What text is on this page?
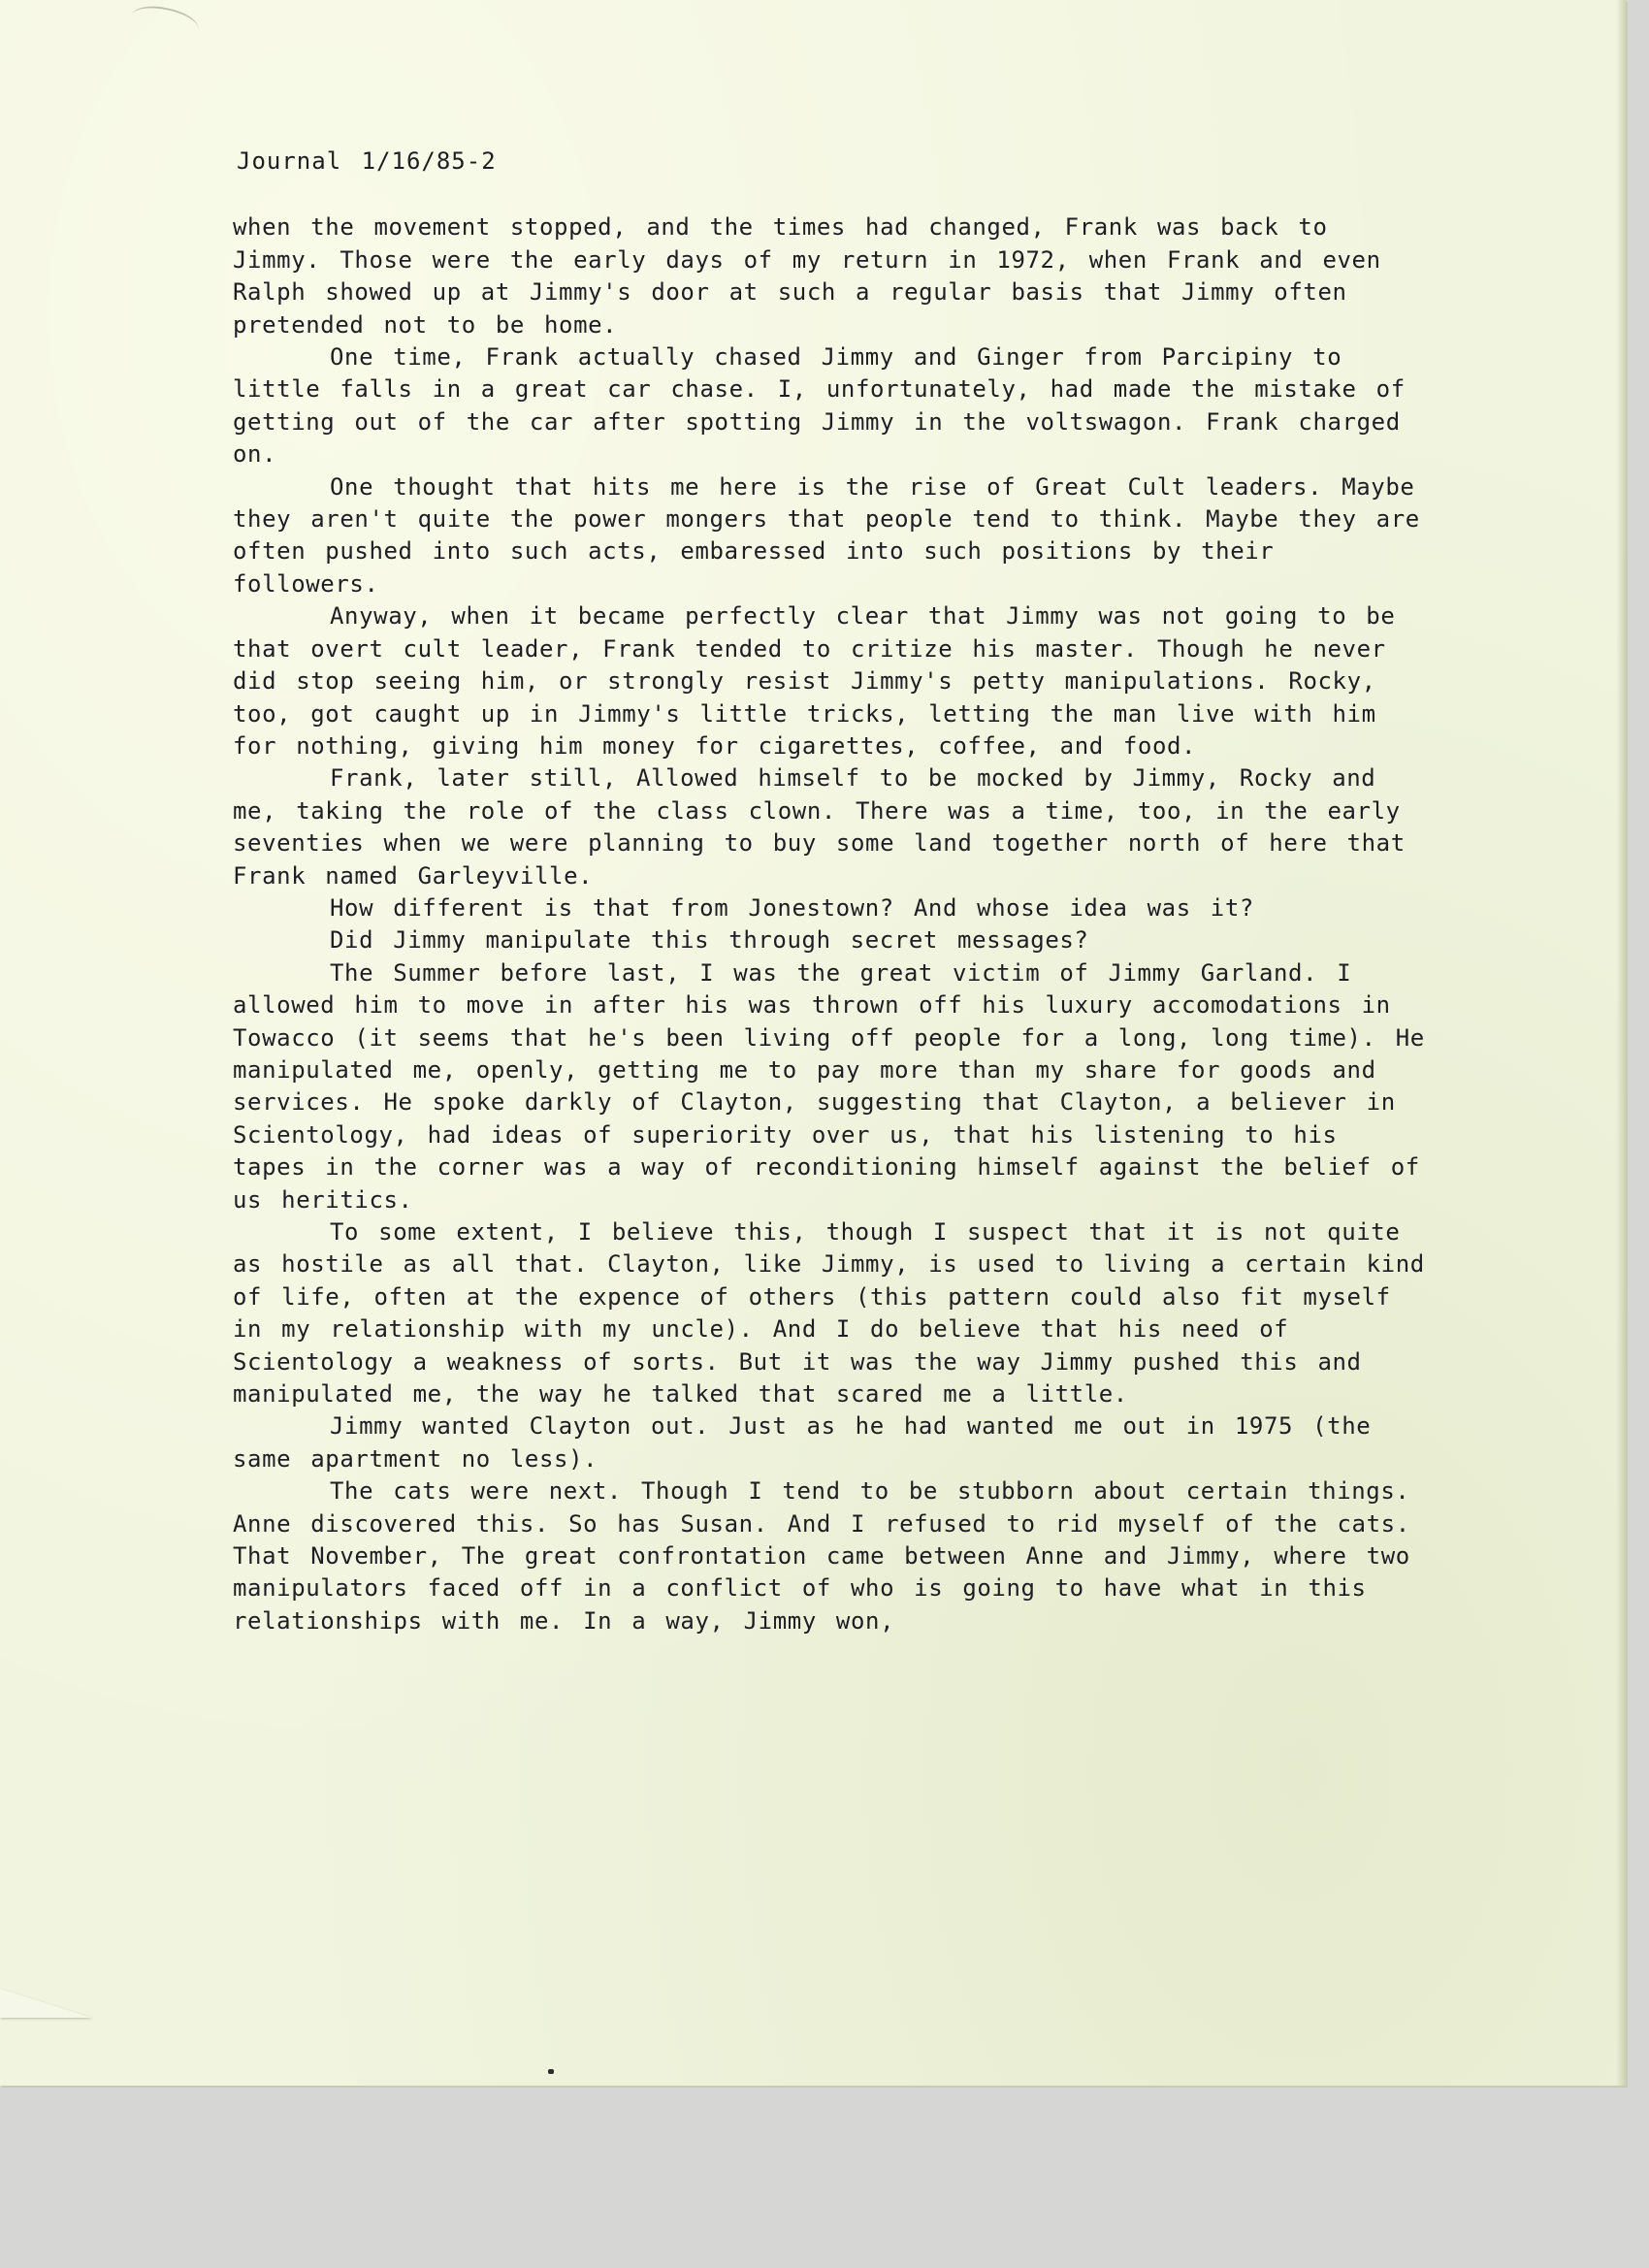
Journal 1/16/85-2

when the movement stopped, and the times had changed, Frank was back to Jimmy. Those were the early days of my return in 1972, when Frank and even Ralph showed up at Jimmy's door at such a regular basis that Jimmy often pretended not to be home.

One time, Frank actually chased Jimmy and Ginger from Parcipiny to little falls in a great car chase. I, unfortunately, had made the mistake of getting out of the car after spotting Jimmy in the voltswagon. Frank charged on.

One thought that hits me here is the rise of Great Cult leaders. Maybe they aren't quite the power mongers that people tend to think. Maybe they are often pushed into such acts, embaressed into such positions by their followers.

Anyway, when it became perfectly clear that Jimmy was not going to be that overt cult leader, Frank tended to critize his master. Though he never did stop seeing him, or strongly resist Jimmy's petty manipulations. Rocky, too, got caught up in Jimmy's little tricks, letting the man live with him for nothing, giving him money for cigarettes, coffee, and food.

Frank, later still, Allowed himself to be mocked by Jimmy, Rocky and me, taking the role of the class clown. There was a time, too, in the early seventies when we were planning to buy some land together north of here that Frank named Garleyville.

How different is that from Jonestown? And whose idea was it?

Did Jimmy manipulate this through secret messages?

The Summer before last, I was the great victim of Jimmy Garland. I allowed him to move in after his was thrown off his luxury accomodations in Towacco (it seems that he's been living off people for a long, long time). He manipulated me, openly, getting me to pay more than my share for goods and services. He spoke darkly of Clayton, suggesting that Clayton, a believer in Scientology, had ideas of superiority over us, that his listening to his tapes in the corner was a way of reconditioning himself against the belief of us heritics.

To some extent, I believe this, though I suspect that it is not quite as hostile as all that. Clayton, like Jimmy, is used to living a certain kind of life, often at the expence of others (this pattern could also fit myself in my relationship with my uncle). And I do believe that his need of Scientology a weakness of sorts. But it was the way Jimmy pushed this and manipulated me, the way he talked that scared me a little.

Jimmy wanted Clayton out. Just as he had wanted me out in 1975 (the same apartment no less).

The cats were next. Though I tend to be stubborn about certain things. Anne discovered this. So has Susan. And I refused to rid myself of the cats. That November, The great confrontation came between Anne and Jimmy, where two manipulators faced off in a conflict of who is going to have what in this relationships with me. In a way, Jimmy won,
